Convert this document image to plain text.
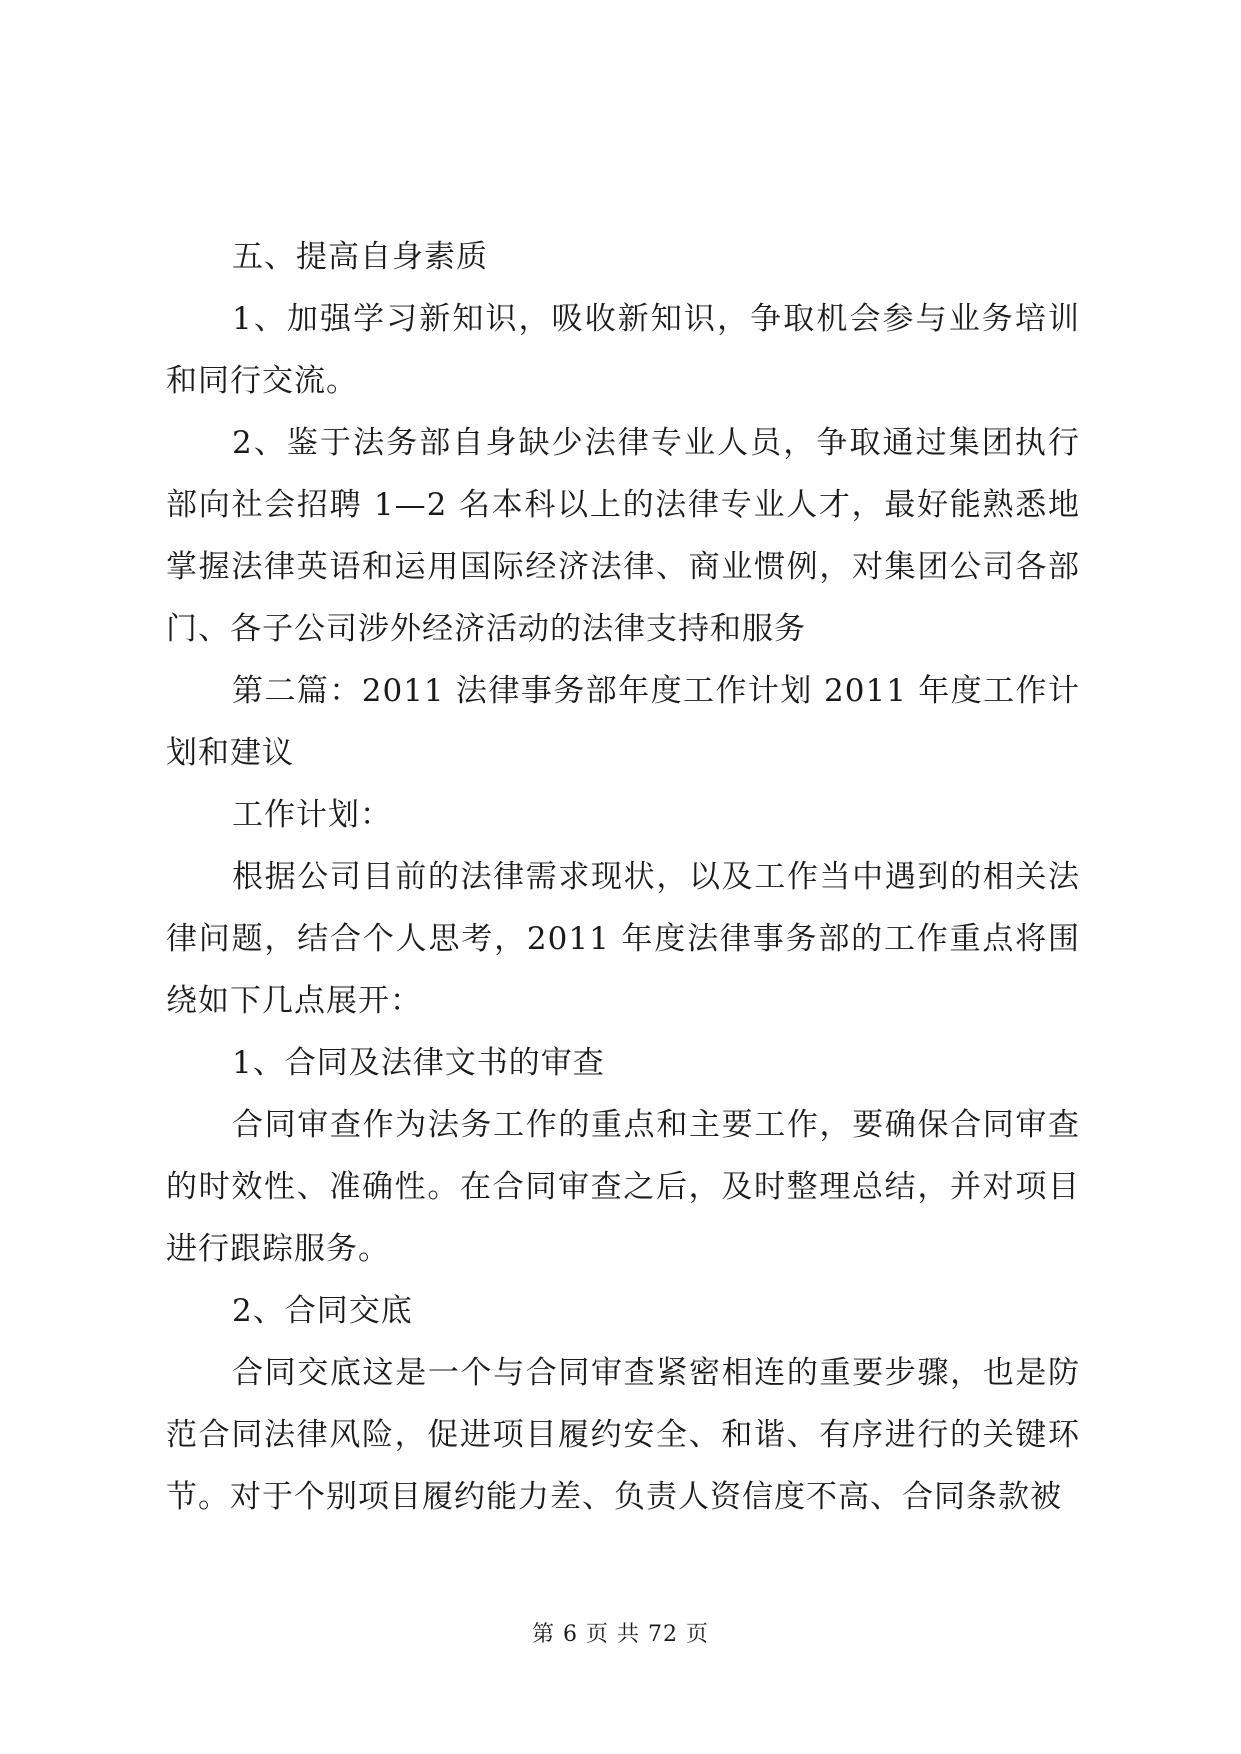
五、提高自身素质

1、加强学习新知识，吸收新知识，争取机会参与业务培训和同行交流。

2、鉴于法务部自身缺少法律专业人员，争取通过集团执行部向社会招聘 1—2 名本科以上的法律专业人才，最好能熟悉地掌握法律英语和运用国际经济法律、商业惯例，对集团公司各部门、各子公司涉外经济活动的法律支持和服务

第二篇：2011 法律事务部年度工作计划 2011 年度工作计划和建议

工作计划：

根据公司目前的法律需求现状，以及工作当中遇到的相关法律问题，结合个人思考，2011 年度法律事务部的工作重点将围绕如下几点展开：

1、合同及法律文书的审查

合同审查作为法务工作的重点和主要工作，要确保合同审查的时效性、准确性。在合同审查之后，及时整理总结，并对项目进行跟踪服务。

2、合同交底

合同交底这是一个与合同审查紧密相连的重要步骤，也是防范合同法律风险，促进项目履约安全、和谐、有序进行的关键环节。对于个别项目履约能力差、负责人资信度不高、合同条款被

第 6 页 共 72 页
